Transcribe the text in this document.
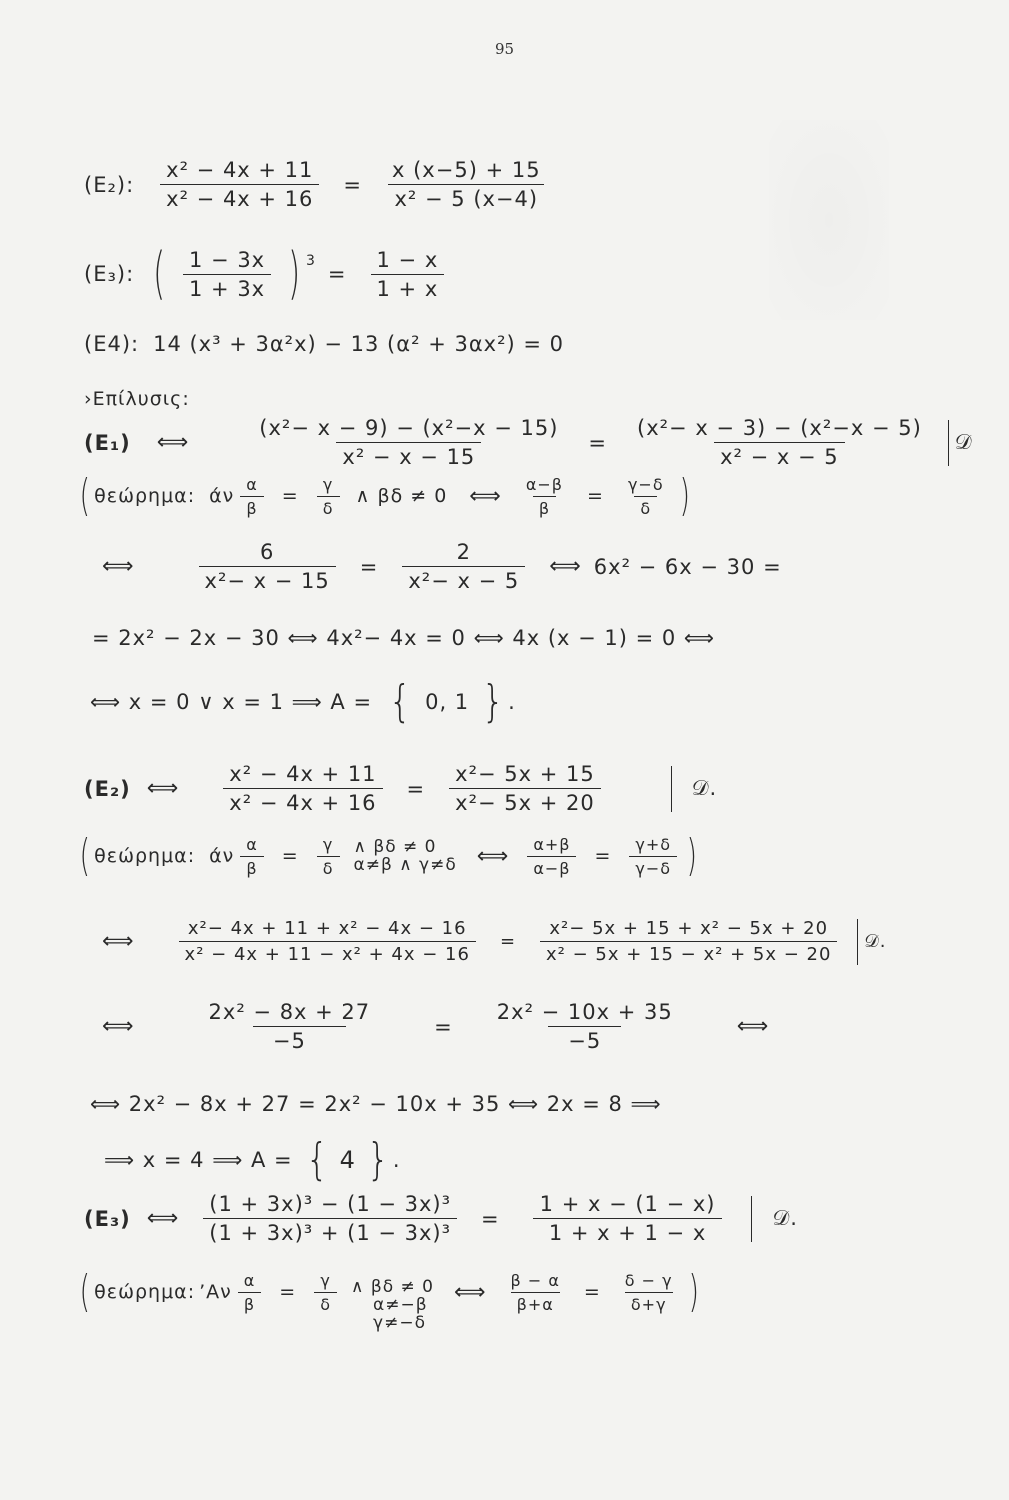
95
(E₂): $\frac{\text{x² − 4x + 11}}{\text{x² − 4x + 16}} = \frac{x (x-5) + 15}{\text{x² − 5 (x−4)}}$
(E₃): ( $\frac{1 - 3x}{1 + 3x}$ ) 3
= $\frac{1 - x}{1 + x}$
(E4): 14 (x³ + 3α²x) − 13 (α² + 3αx²) = 0
›Eπίλυσις:
(E₁) ⟺	$\frac{\text{(x²− x − 9) − (x²−x − 15)}}{\text{x² − x − 15}} = \frac{\text{(x²− x − 3) − (x²−x − 5)}}{\text{x² − x − 5}}$ 𝒟
( θεώρημα: άν $\frac{\alpha}{\beta} = \frac{\gamma}{\delta}$ ∧ βδ ≠ 0 ⟺ $\frac{\alpha-\beta}{\beta} = \frac{\gamma-\delta}{\delta}$ )
⟺	$\frac{6}{\text{x²− x − 15}} = \frac{2}{\text{x²− x − 5}}$ ⟺ 6x² − 6x − 30 =
= 2x² − 2x − 30 ⟺ 4x²− 4x = 0 ⟺ 4x (x − 1) = 0 ⟺
⟺ x = 0 ∨ x = 1 ⟹ A = { 0, 1 } .
(E₂) ⟺ $\frac{\text{x² − 4x + 11}}{\text{x² − 4x + 16}} = \frac{\text{x²− 5x + 15}}{\text{x²− 5x + 20}}$	𝒟.
( θεώρημα: άν $\frac{\alpha}{\beta} = \frac{\gamma}{\delta}$ ∧ βδ ≠ 0
α≠β ∧ γ≠δ ⟺ $\frac{\alpha+\beta}{\alpha-\beta} = \frac{\gamma+\delta}{\gamma-\delta}$ )
⟺ $\frac{\text{x²− 4x + 11 + x² − 4x − 16}}{\text{x² − 4x + 11 − x² + 4x − 16}} = \frac{\text{x²− 5x + 15 + x² − 5x + 20}}{\text{x² − 5x + 15 − x² + 5x − 20}}$ 𝒟.
⟺	$\frac{\text{2x² − 8x + 27}}{-5} = \frac{\text{2x² − 10x + 35}}{-5}$ ⟺
⟺ 2x² − 8x + 27 = 2x² − 10x + 35 ⟺ 2x = 8 ⟹
⟹ x = 4 ⟹ A = { 4 } .
(E₃) ⟺ $\frac{\text{(1 + 3x)³ − (1 − 3x)³}}{\text{(1 + 3x)³ + (1 − 3x)³}} = \frac{1 + x - (1 - x)}{1 + x + 1 - x}$ 𝒟.
( θεώρημα: ’Αν $\frac{\alpha}{\beta} = \frac{\gamma}{\delta}$ ∧ βδ ≠ 0
α≠−β
γ≠−δ
⟺ $\frac{\beta - \alpha}{\beta+\alpha} = \frac{\delta - \gamma}{\delta+\gamma}$ )
